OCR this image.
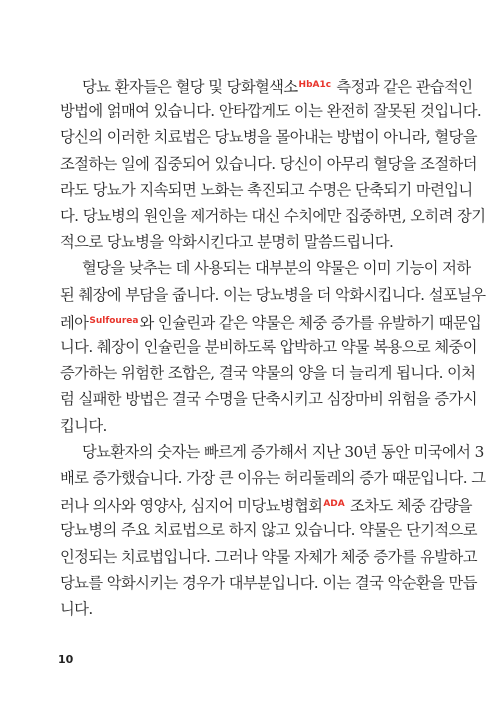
당뇨 환자들은 혈당 및 당화혈색소$^{HbA1c}$ 측정과 같은 관습적인
방법에 얽매여 있습니다. 안타깝게도 이는 완전히 잘못된 것입니다.
당신의 이러한 치료법은 당뇨병을 몰아내는 방법이 아니라, 혈당을
조절하는 일에 집중되어 있습니다. 당신이 아무리 혈당을 조절하더
라도 당뇨가 지속되면 노화는 촉진되고 수명은 단축되기 마련입니
다. 당뇨병의 원인을 제거하는 대신 수치에만 집중하면, 오히려 장기
적으로 당뇨병을 악화시킨다고 분명히 말씀드립니다.
혈당을 낮추는 데 사용되는 대부분의 약물은 이미 기능이 저하
된 췌장에 부담을 줍니다. 이는 당뇨병을 더 악화시킵니다. 설포닐우
레아$^{Sulfourea}$와 인슐린과 같은 약물은 체중 증가를 유발하기 때문입
니다. 췌장이 인슐린을 분비하도록 압박하고 약물 복용으로 체중이
증가하는 위험한 조합은, 결국 약물의 양을 더 늘리게 됩니다. 이처
럼 실패한 방법은 결국 수명을 단축시키고 심장마비 위험을 증가시
킵니다.
당뇨환자의 숫자는 빠르게 증가해서 지난 30년 동안 미국에서 3
배로 증가했습니다. 가장 큰 이유는 허리둘레의 증가 때문입니다. 그
러나 의사와 영양사, 심지어 미당뇨병협회$^{ADA}$ 조차도 체중 감량을
당뇨병의 주요 치료법으로 하지 않고 있습니다. 약물은 단기적으로
인정되는 치료법입니다. 그러나 약물 자체가 체중 증가를 유발하고
당뇨를 악화시키는 경우가 대부분입니다. 이는 결국 악순환을 만듭
니다.
10
